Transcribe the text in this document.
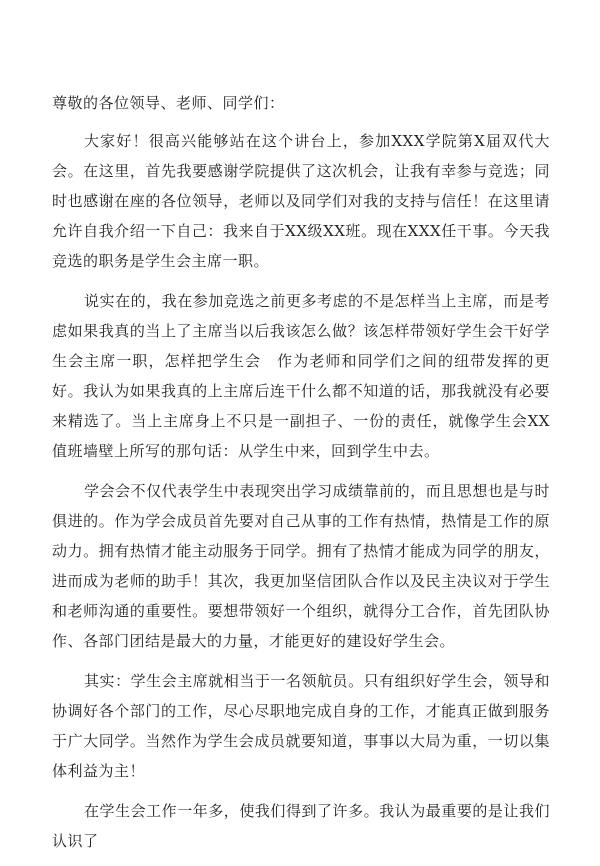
尊敬的各位领导、老师、同学们：

大家好！很高兴能够站在这个讲台上，参加XXX学院第X届双代大会。在这里，首先我要感谢学院提供了这次机会，让我有幸参与竞选；同时也感谢在座的各位领导，老师以及同学们对我的支持与信任！在这里请允许自我介绍一下自己：我来自于XX级XX班。现在XXX任干事。今天我竞选的职务是学生会主席一职。

说实在的，我在参加竞选之前更多考虑的不是怎样当上主席，而是考虑如果我真的当上了主席当以后我该怎么做？该怎样带领好学生会干好学生会主席一职，怎样把学生会　作为老师和同学们之间的纽带发挥的更好。我认为如果我真的上主席后连干什么都不知道的话，那我就没有必要来精选了。当上主席身上不只是一副担子、一份的责任，就像学生会XX值班墙壁上所写的那句话：从学生中来，回到学生中去。

学会会不仅代表学生中表现突出学习成绩靠前的，而且思想也是与时俱进的。作为学会成员首先要对自己从事的工作有热情，热情是工作的原动力。拥有热情才能主动服务于同学。拥有了热情才能成为同学的朋友，进而成为老师的助手！其次，我更加坚信团队合作以及民主决议对于学生和老师沟通的重要性。要想带领好一个组织，就得分工合作，首先团队协作、各部门团结是最大的力量，才能更好的建设好学生会。

其实：学生会主席就相当于一名领航员。只有组织好学生会，领导和协调好各个部门的工作，尽心尽职地完成自身的工作，才能真正做到服务于广大同学。当然作为学生会成员就要知道，事事以大局为重，一切以集体利益为主！

在学生会工作一年多，使我们得到了许多。我认为最重要的是让我们认识了
